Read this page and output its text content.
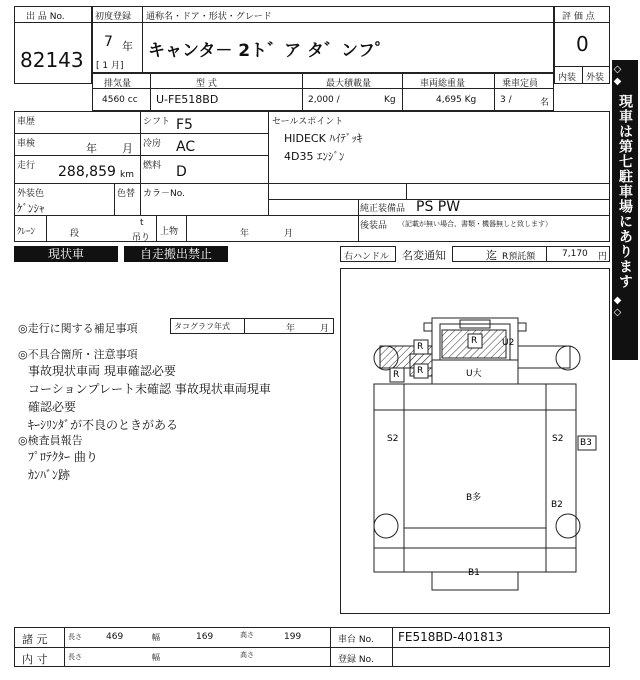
出 品 No.
82143
初度登録 通称名・ドア・形状・グレード
7 年
[ 1 月]
キャンタ－ 2ト゛ア タ゛ンフ゜
評 価 点
0
内装 外装
排気量	型 式	最大積載量	車両総重量	乗車定員
4560 cc U-FE518BD	2,000 /	Kg	4,695 Kg	3 /	名
車歴
車検	年 月
走行 288,859 km
シフト F5
冷房 AC
燃料 D
セールスポイント
HIDECK ﾊｲﾃﾞｯｷ
4D35 ｴﾝｼﾞﾝ
外装色
ｹﾞﾝｼｬ
色替 カラ－No.
純正装備品 PS PW
後装品 （記載が無い場合、書類・機器無しと致します）
ｸﾚｰﾝ	段
t
吊り
上物	年	月
現状車	自走搬出禁止	右ハンドル 名変通知	迄 R預託額	7,170 円
◎走行に関する補足事項	タコグラフ年式	年	月
◎不具合箇所・注意事項
事故現状車両 現車確認必要
コーションプレート未確認 事故現状車両現車
確認必要
ｷｰｼﾘﾝﾀﾞが不良のときがある
◎検査員報告
ﾌﾟﾛﾃｸﾀｰ 曲り
ｶﾝﾊﾞﾝ跡
U2
R
R
R R	U大
S2	S2 B3
B多
B2
B1
◇◆
現車は第七駐車場にあります
◆◇
諸 元
内 寸
長さ	469	幅	169	高さ	199
長さ	幅	高さ
車台 No. FE518BD-401813
登録 No.
